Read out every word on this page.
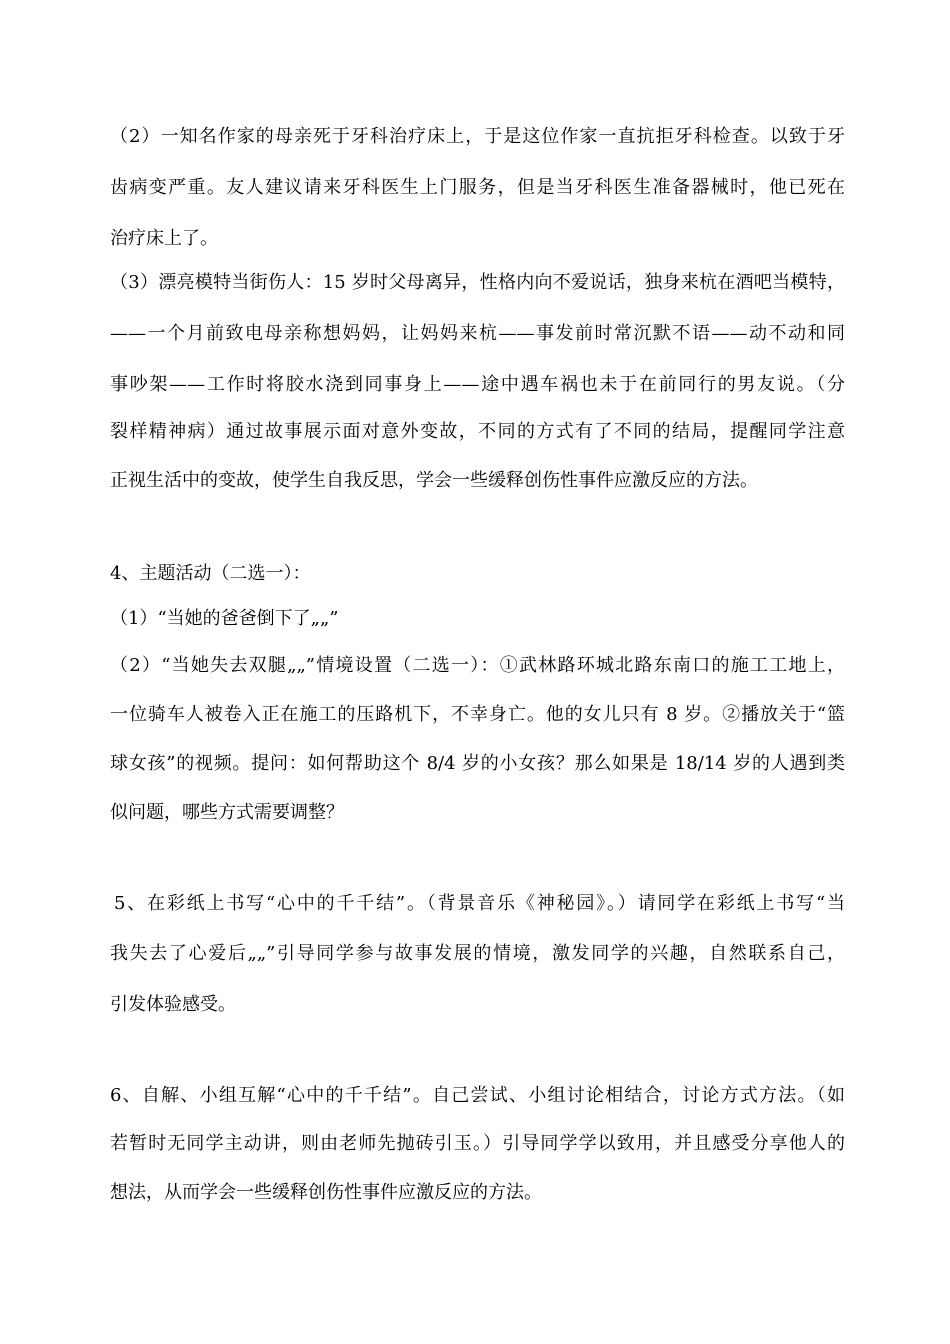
（2）一知名作家的母亲死于牙科治疗床上，于是这位作家一直抗拒牙科检查。以致于牙
齿病变严重。友人建议请来牙科医生上门服务，但是当牙科医生准备器械时，他已死在
治疗床上了。
（3）漂亮模特当街伤人：15 岁时父母离异，性格内向不爱说话，独身来杭在酒吧当模特，
——一个月前致电母亲称想妈妈，让妈妈来杭——事发前时常沉默不语——动不动和同
事吵架——工作时将胶水浇到同事身上——途中遇车祸也未于在前同行的男友说。（分
裂样精神病）通过故事展示面对意外变故，不同的方式有了不同的结局，提醒同学注意
正视生活中的变故，使学生自我反思，学会一些缓释创伤性事件应激反应的方法。
4、主题活动（二选一）：
（1）“当她的爸爸倒下了„„”
（2）“当她失去双腿„„”情境设置（二选一）：①武林路环城北路东南口的施工工地上，
一位骑车人被卷入正在施工的压路机下，不幸身亡。他的女儿只有 8 岁。②播放关于“篮
球女孩”的视频。提问：如何帮助这个 8/4 岁的小女孩？那么如果是 18/14 岁的人遇到类
似问题，哪些方式需要调整？
5、在彩纸上书写“心中的千千结”。（背景音乐《神秘园》。）请同学在彩纸上书写“当
我失去了心爱后„„”引导同学参与故事发展的情境，激发同学的兴趣，自然联系自己，
引发体验感受。
6、自解、小组互解“心中的千千结”。自己尝试、小组讨论相结合，讨论方式方法。（如
若暂时无同学主动讲，则由老师先抛砖引玉。）引导同学学以致用，并且感受分享他人的
想法，从而学会一些缓释创伤性事件应激反应的方法。
